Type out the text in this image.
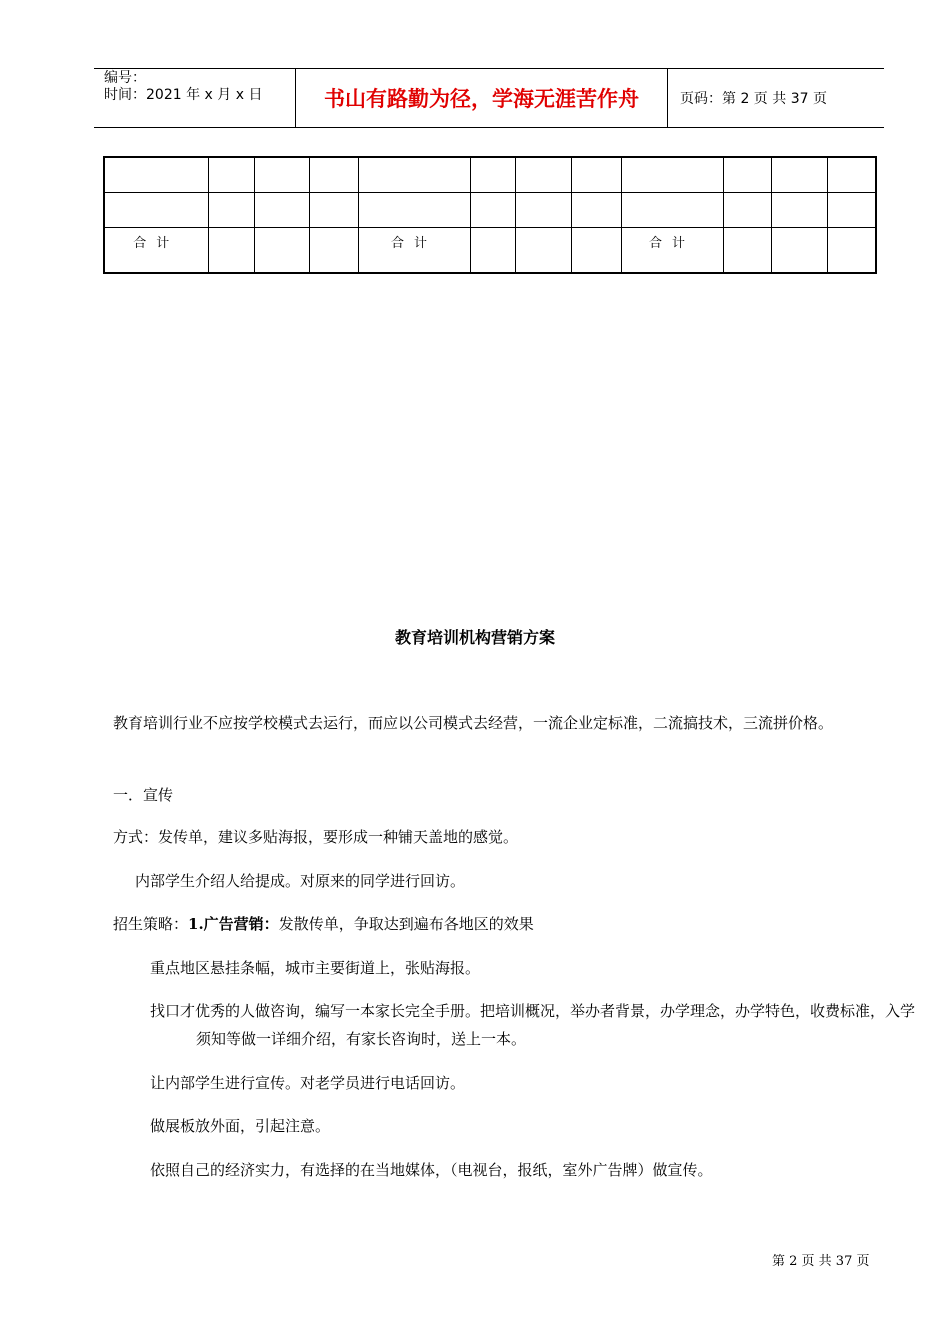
编号：
时间：2021 年 x 月 x 日	书山有路勤为径，学海无涯苦作舟	页码：第 2 页 共 37 页

合计				合计				合计			
教育培训机构营销方案

教育培训行业不应按学校模式去运行，而应以公司模式去经营，一流企业定标准，二流搞技术，三流拼价格。

一．宣传

方式：发传单，建议多贴海报，要形成一种铺天盖地的感觉。

内部学生介绍人给提成。对原来的同学进行回访。

招生策略：1.广告营销：发散传单，争取达到遍布各地区的效果

重点地区悬挂条幅，城市主要街道上，张贴海报。

找口才优秀的人做咨询，编写一本家长完全手册。把培训概况，举办者背景，办学理念，办学特色，收费标准，入学须知等做一详细介绍，有家长咨询时，送上一本。

让内部学生进行宣传。对老学员进行电话回访。

做展板放外面，引起注意。

依照自己的经济实力，有选择的在当地媒体，（电视台，报纸，室外广告牌）做宣传。

第 2 页 共 37 页
